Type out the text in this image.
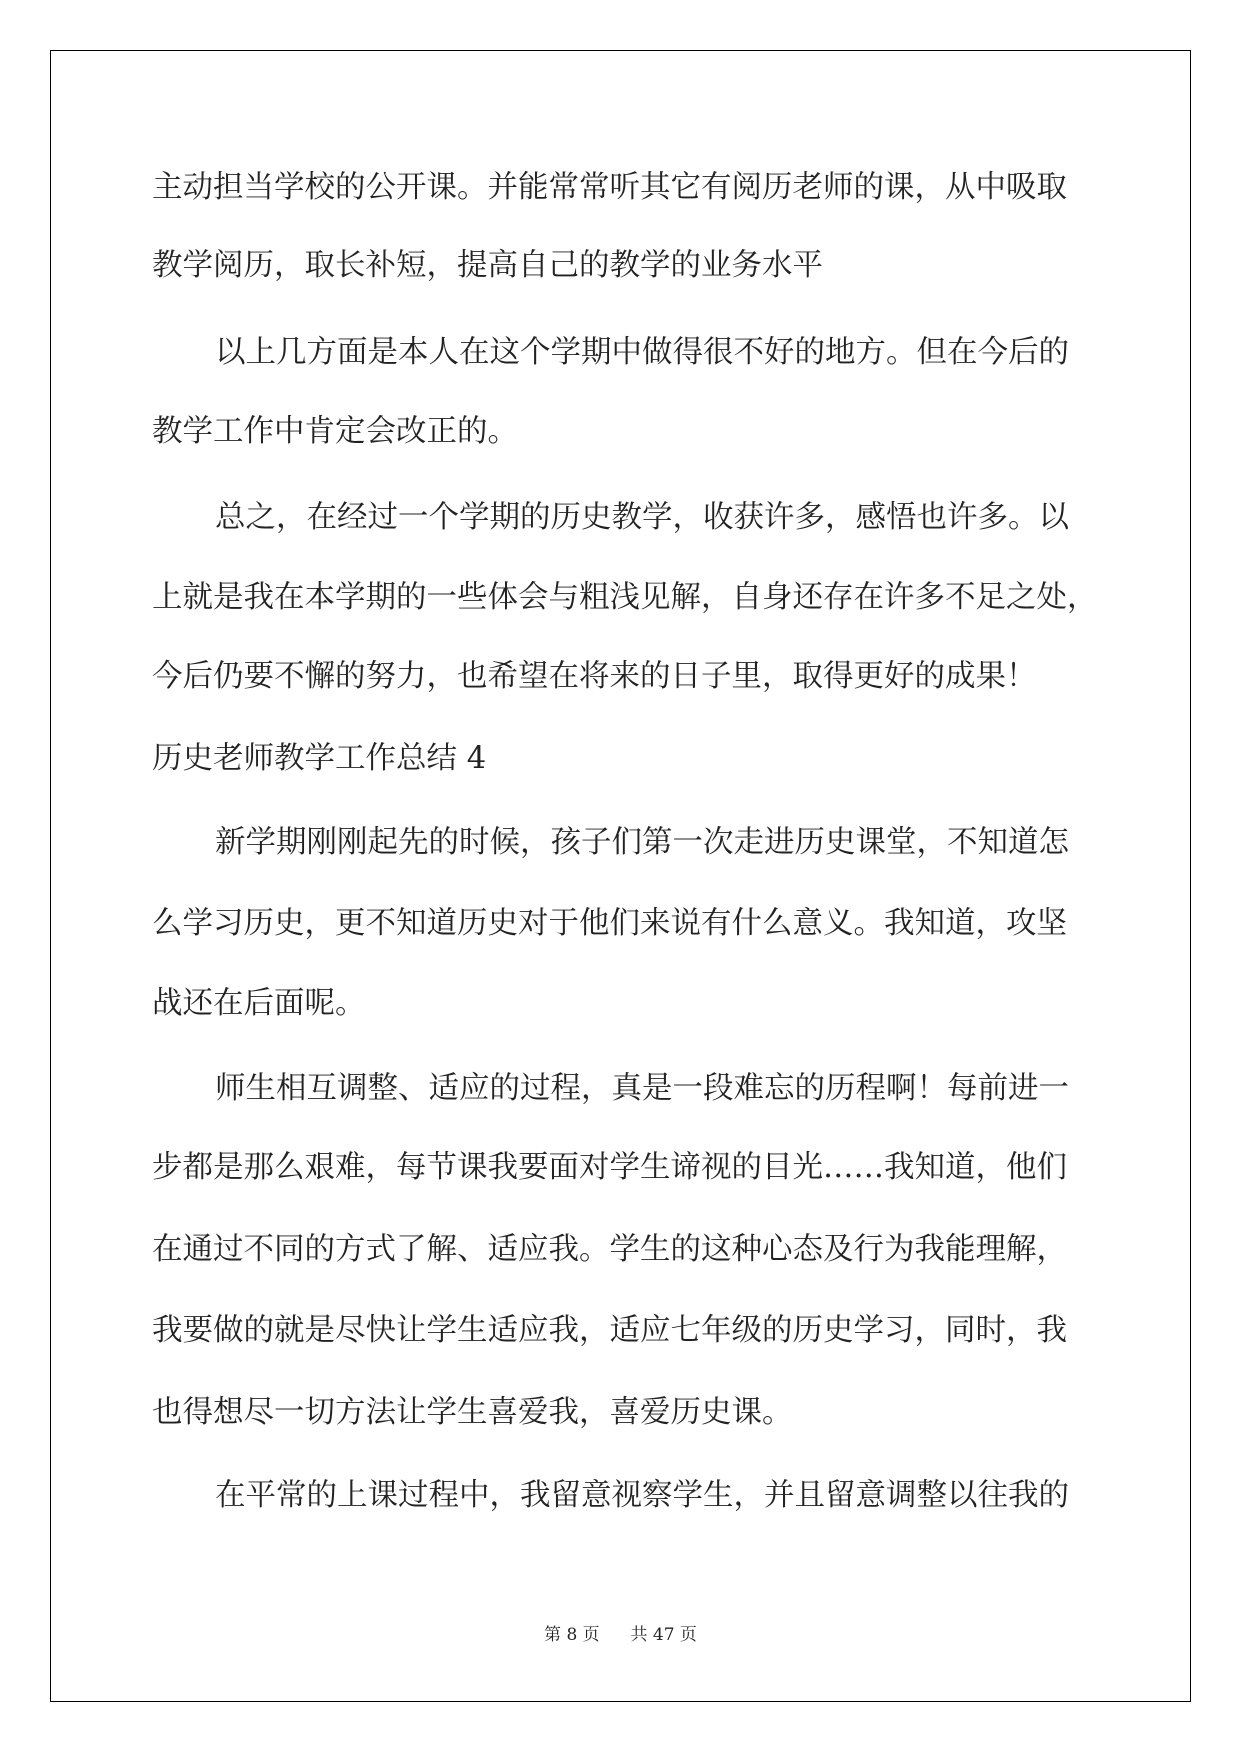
主动担当学校的公开课。并能常常听其它有阅历老师的课，从中吸取
教学阅历，取长补短，提高自己的教学的业务水平
以上几方面是本人在这个学期中做得很不好的地方。但在今后的
教学工作中肯定会改正的。
总之，在经过一个学期的历史教学，收获许多，感悟也许多。以
上就是我在本学期的一些体会与粗浅见解，自身还存在许多不足之处，
今后仍要不懈的努力，也希望在将来的日子里，取得更好的成果！
历史老师教学工作总结 4
新学期刚刚起先的时候，孩子们第一次走进历史课堂，不知道怎
么学习历史，更不知道历史对于他们来说有什么意义。我知道，攻坚
战还在后面呢。
师生相互调整、适应的过程，真是一段难忘的历程啊！每前进一
步都是那么艰难，每节课我要面对学生谛视的目光……我知道，他们
在通过不同的方式了解、适应我。学生的这种心态及行为我能理解，
我要做的就是尽快让学生适应我，适应七年级的历史学习，同时，我
也得想尽一切方法让学生喜爱我，喜爱历史课。
在平常的上课过程中，我留意视察学生，并且留意调整以往我的
第 8 页 共 47 页
